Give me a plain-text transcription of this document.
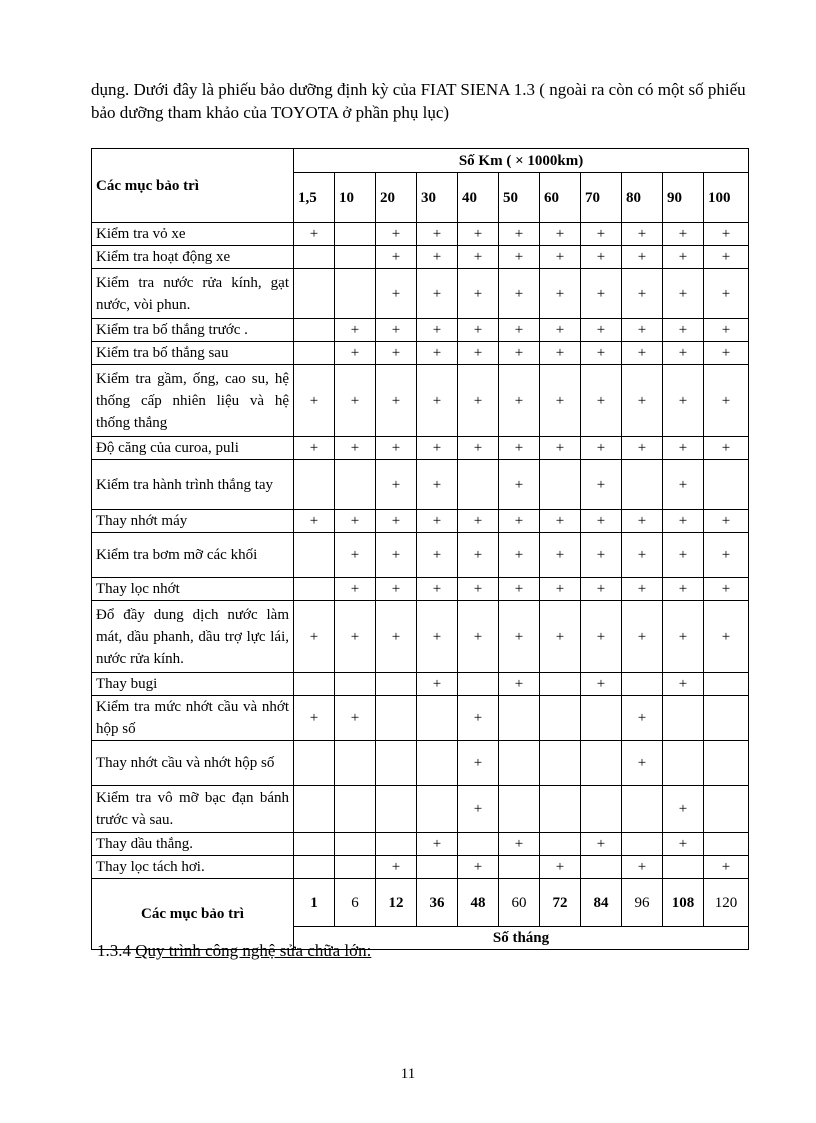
dụng. Dưới đây là phiếu bảo dưỡng định kỳ của FIAT SIENA 1.3 ( ngoài ra còn có một số phiếu bảo dưỡng tham khảo của TOYOTA ở phần phụ lục)

Các mục bảo trì	Số Km ( × 1000km)										
	1,5	10	20	30	40	50	60	70	80	90	100
Kiểm tra vỏ xe	+		+	+	+	+	+	+	+	+	+
Kiểm tra hoạt động xe			+	+	+	+	+	+	+	+	+
Kiểm tra nước rửa kính, gạt nước, vòi phun.			+	+	+	+	+	+	+	+	+
Kiểm tra bố thắng trước .		+	+	+	+	+	+	+	+	+	+
Kiểm tra bố thắng sau		+	+	+	+	+	+	+	+	+	+
Kiểm tra gầm, ống, cao su, hệ thống cấp nhiên liệu và hệ thống thắng	+	+	+	+	+	+	+	+	+	+	+
Độ căng của curoa, puli	+	+	+	+	+	+	+	+	+	+	+
Kiểm tra hành trình thắng tay			+	+		+		+		+	
Thay nhớt máy	+	+	+	+	+	+	+	+	+	+	+
Kiểm tra bơm mỡ các khối		+	+	+	+	+	+	+	+	+	+
Thay lọc nhớt		+	+	+	+	+	+	+	+	+	+
Đổ đầy dung dịch nước làm mát, dầu phanh, dầu trợ lực lái, nước rửa kính.	+	+	+	+	+	+	+	+	+	+	+
Thay bugi				+		+		+		+	
Kiểm tra mức nhớt cầu và nhớt hộp số	+	+			+				+		
Thay nhớt cầu và nhớt hộp số					+				+		
Kiểm tra vô mỡ bạc đạn bánh trước và sau.					+					+	
Thay dầu thắng.				+		+		+		+	
Thay lọc tách hơi.			+		+		+		+		+
Các mục bảo trì	1	6	12	36	48	60	72	84	96	108	120
	Số tháng										

1.3.4 Quy trình công nghệ sửa chữa lớn:

11
